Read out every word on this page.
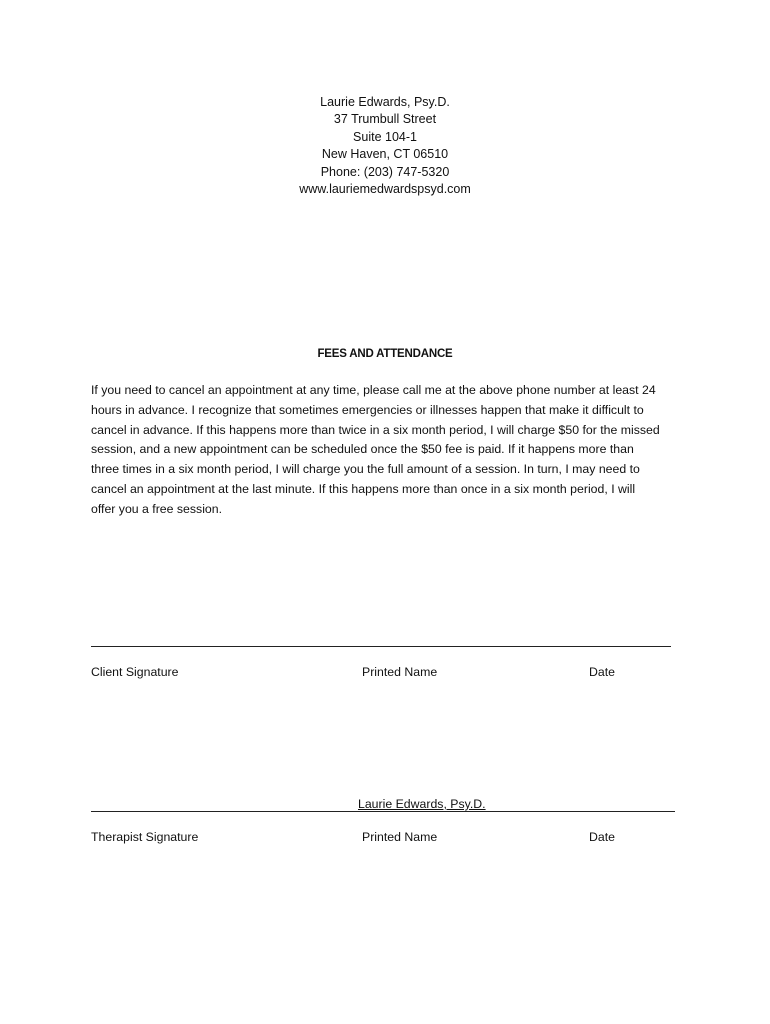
Laurie Edwards, Psy.D.
37 Trumbull Street
Suite 104-1
New Haven, CT 06510
Phone: (203) 747-5320
www.lauriemedwardspsyd.com
FEES AND ATTENDANCE
If you need to cancel an appointment at any time, please call me at the above phone number at least 24
hours in advance. I recognize that sometimes emergencies or illnesses happen that make it difficult to
cancel in advance. If this happens more than twice in a six month period, I will charge $50 for the missed
session, and a new appointment can be scheduled once the $50 fee is paid. If it happens more than
three times in a six month period, I will charge you the full amount of a session. In turn, I may need to
cancel an appointment at the last minute. If this happens more than once in a six month period, I will
offer you a free session.
Client Signature	Printed Name	Date
Laurie Edwards, Psy.D.
Therapist Signature	Printed Name	Date
